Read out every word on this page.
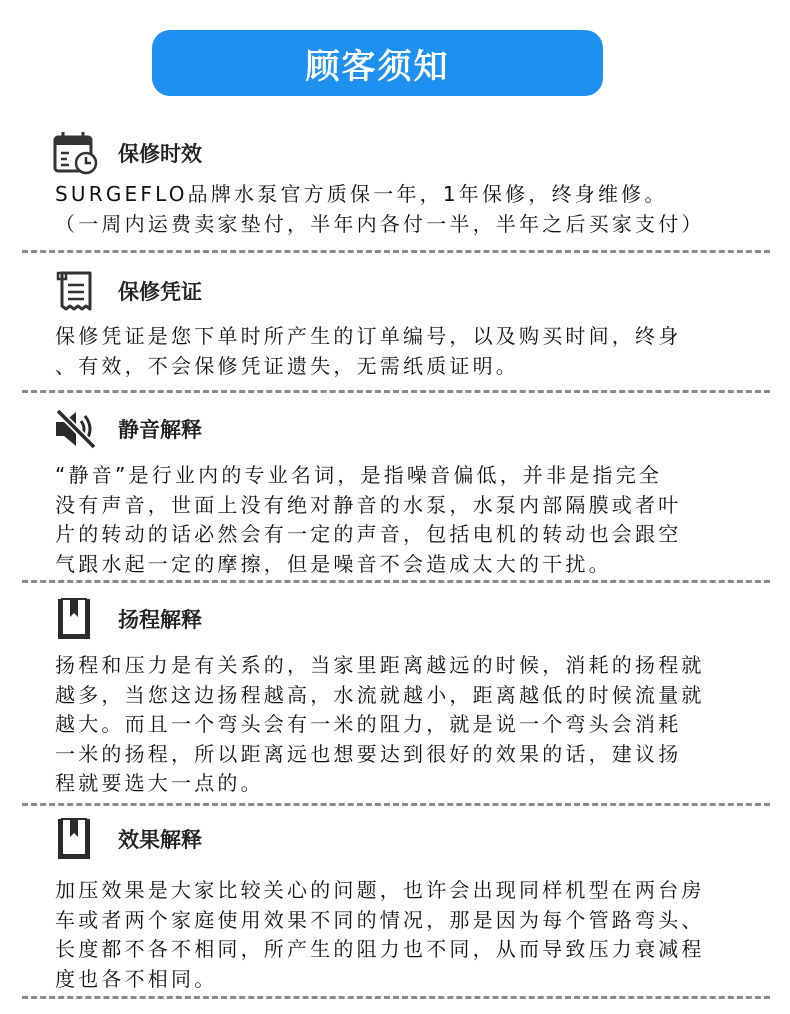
顾客须知
保修时效
SURGEFLO品牌水泵官方质保一年，1年保修，终身维修。
（一周内运费卖家垫付，半年内各付一半，半年之后买家支付）
保修凭证
保修凭证是您下单时所产生的订单编号，以及购买时间，终身
、有效，不会保修凭证遗失，无需纸质证明。
静音解释
“静音”是行业内的专业名词，是指噪音偏低，并非是指完全
没有声音，世面上没有绝对静音的水泵，水泵内部隔膜或者叶
片的转动的话必然会有一定的声音，包括电机的转动也会跟空
气跟水起一定的摩擦，但是噪音不会造成太大的干扰。
扬程解释
扬程和压力是有关系的，当家里距离越远的时候，消耗的扬程就
越多，当您这边扬程越高，水流就越小，距离越低的时候流量就
越大。而且一个弯头会有一米的阻力，就是说一个弯头会消耗
一米的扬程，所以距离远也想要达到很好的效果的话，建议扬
程就要选大一点的。
效果解释
加压效果是大家比较关心的问题，也许会出现同样机型在两台房
车或者两个家庭使用效果不同的情况，那是因为每个管路弯头、
长度都不各不相同，所产生的阻力也不同，从而导致压力衰减程
度也各不相同。
